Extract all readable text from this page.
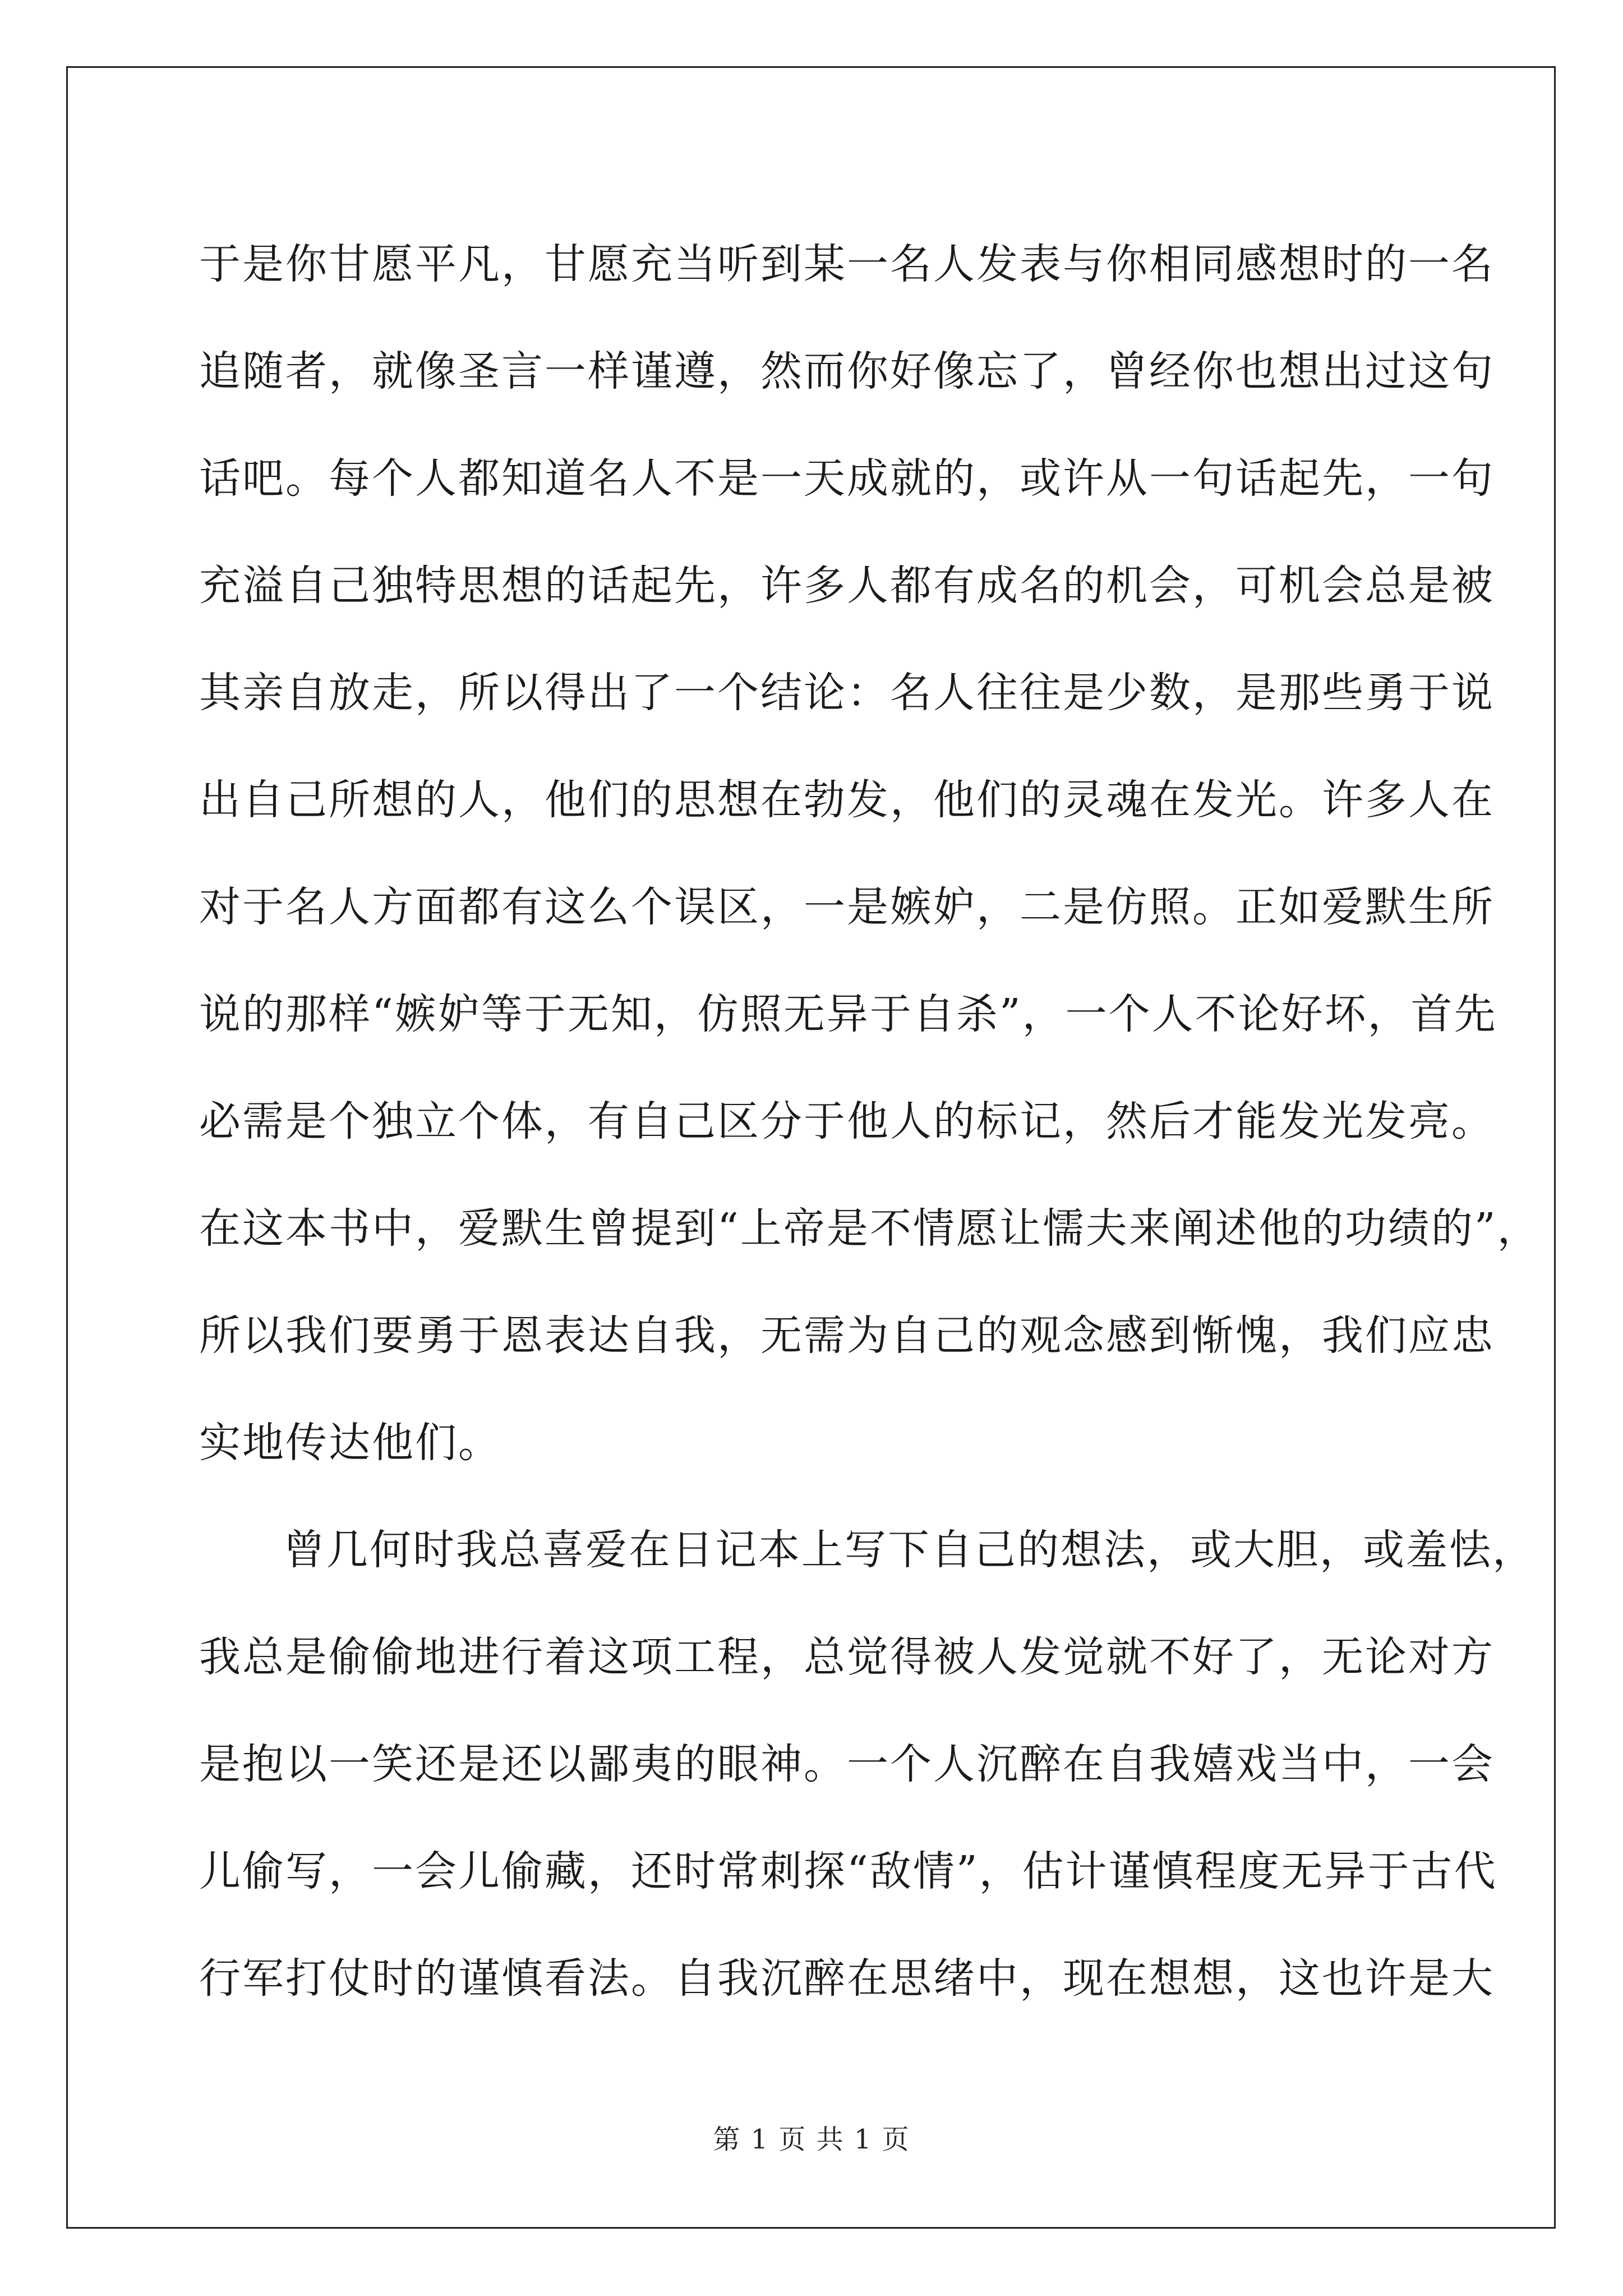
于是你甘愿平凡，甘愿充当听到某一名人发表与你相同感想时的一名
追随者，就像圣言一样谨遵，然而你好像忘了，曾经你也想出过这句
话吧。每个人都知道名人不是一天成就的，或许从一句话起先，一句
充溢自己独特思想的话起先，许多人都有成名的机会，可机会总是被
其亲自放走，所以得出了一个结论：名人往往是少数，是那些勇于说
出自己所想的人，他们的思想在勃发，他们的灵魂在发光。许多人在
对于名人方面都有这么个误区，一是嫉妒，二是仿照。正如爱默生所
说的那样“嫉妒等于无知，仿照无异于自杀”，一个人不论好坏，首先
必需是个独立个体，有自己区分于他人的标记，然后才能发光发亮。
在这本书中，爱默生曾提到“上帝是不情愿让懦夫来阐述他的功绩的”，
所以我们要勇于恩表达自我，无需为自己的观念感到惭愧，我们应忠
实地传达他们。
曾几何时我总喜爱在日记本上写下自己的想法，或大胆，或羞怯，
我总是偷偷地进行着这项工程，总觉得被人发觉就不好了，无论对方
是抱以一笑还是还以鄙夷的眼神。一个人沉醉在自我嬉戏当中，一会
儿偷写，一会儿偷藏，还时常刺探“敌情”，估计谨慎程度无异于古代
行军打仗时的谨慎看法。自我沉醉在思绪中，现在想想，这也许是大
第 1 页 共 1 页
